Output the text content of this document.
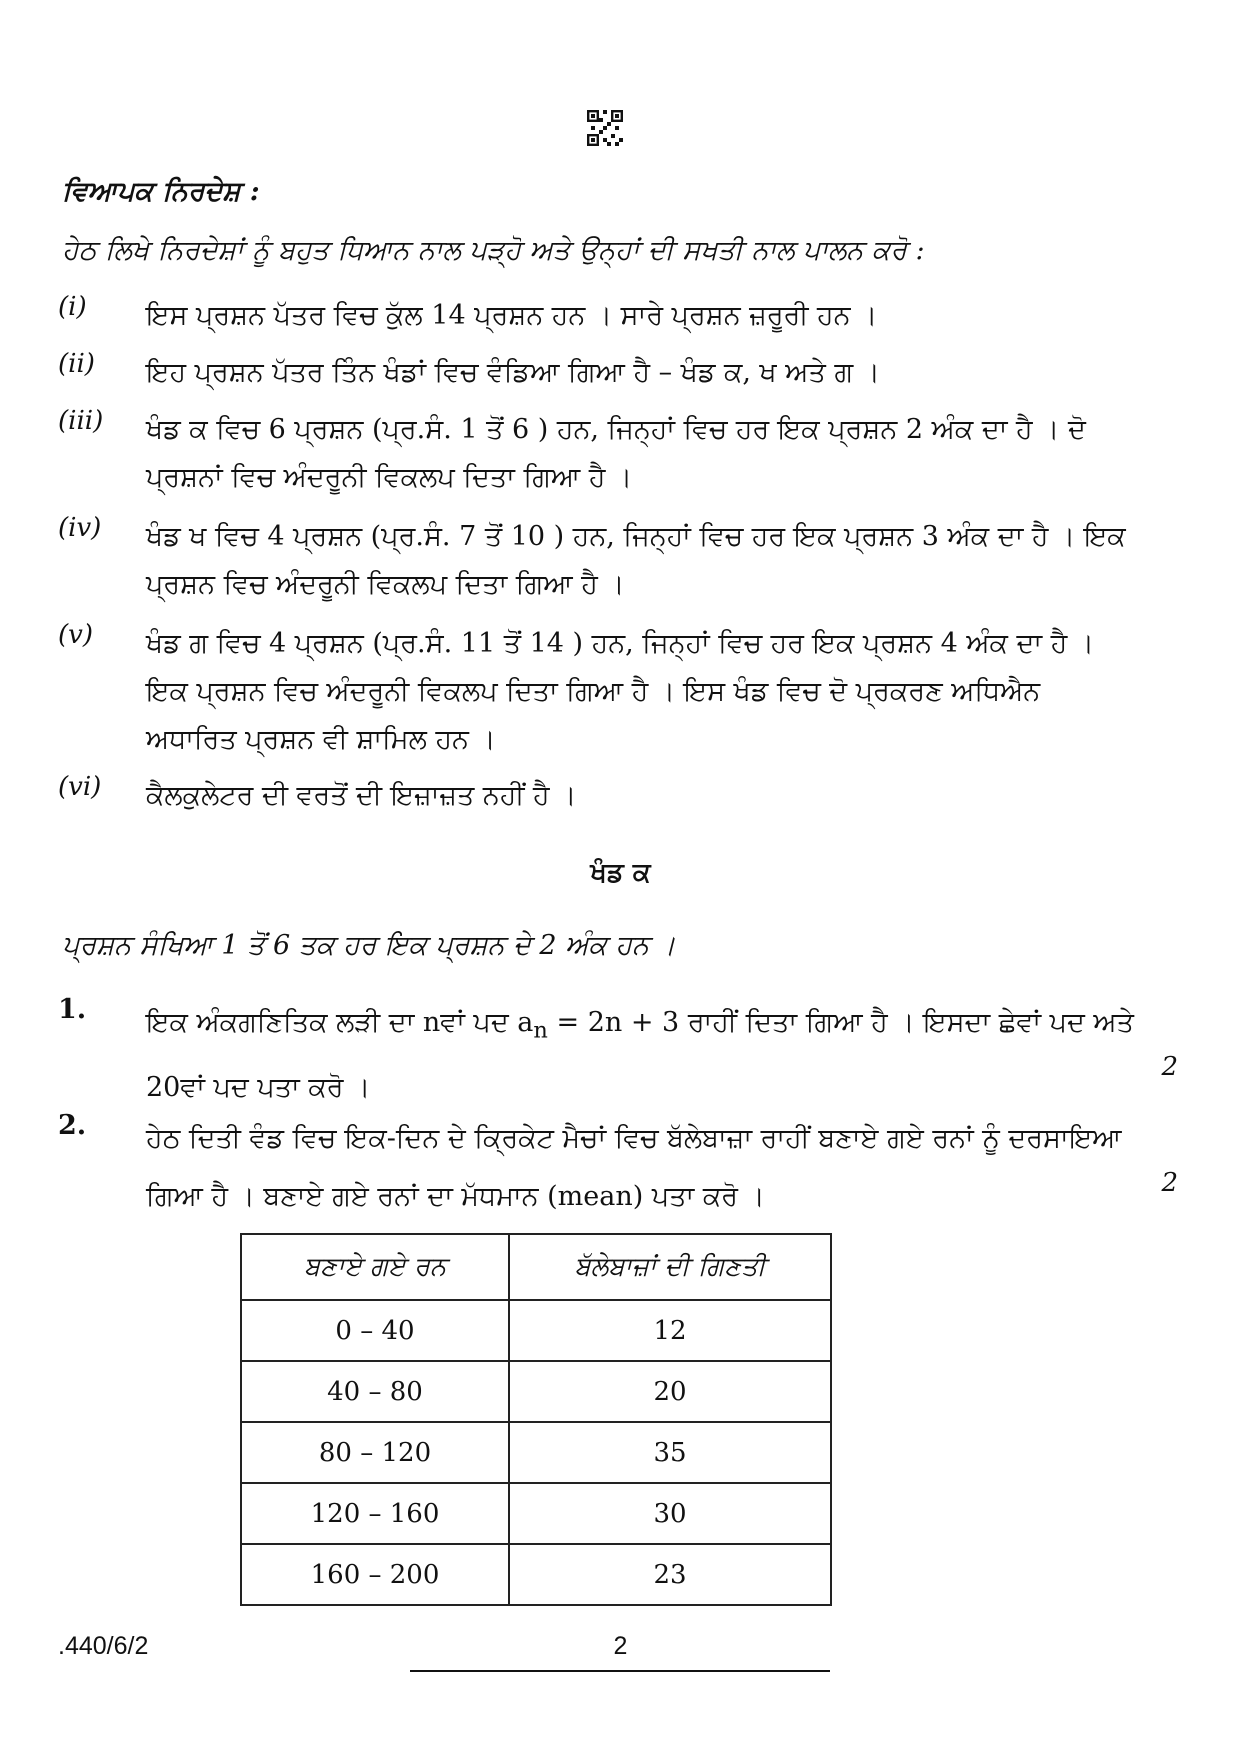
ਵਿਆਪਕ ਨਿਰਦੇਸ਼ :
ਹੇਠ ਲਿਖੇ ਨਿਰਦੇਸ਼ਾਂ ਨੂੰ ਬਹੁਤ ਧਿਆਨ ਨਾਲ ਪੜ੍ਹੋ ਅਤੇ ਉਨ੍ਹਾਂ ਦੀ ਸਖਤੀ ਨਾਲ ਪਾਲਨ ਕਰੋ :
(i) ਇਸ ਪ੍ਰਸ਼ਨ ਪੱਤਰ ਵਿਚ ਕੁੱਲ 14 ਪ੍ਰਸ਼ਨ ਹਨ । ਸਾਰੇ ਪ੍ਰਸ਼ਨ ਜ਼ਰੂਰੀ ਹਨ ।
(ii) ਇਹ ਪ੍ਰਸ਼ਨ ਪੱਤਰ ਤਿੰਨ ਖੰਡਾਂ ਵਿਚ ਵੰਡਿਆ ਗਿਆ ਹੈ – ਖੰਡ ਕ, ਖ ਅਤੇ ਗ ।
(iii) ਖੰਡ ਕ ਵਿਚ 6 ਪ੍ਰਸ਼ਨ (ਪ੍ਰ.ਸੰ. 1 ਤੋਂ 6 ) ਹਨ, ਜਿਨ੍ਹਾਂ ਵਿਚ ਹਰ ਇਕ ਪ੍ਰਸ਼ਨ 2 ਅੰਕ ਦਾ ਹੈ । ਦੋ ਪ੍ਰਸ਼ਨਾਂ ਵਿਚ ਅੰਦਰੂਨੀ ਵਿਕਲਪ ਦਿਤਾ ਗਿਆ ਹੈ ।
(iv) ਖੰਡ ਖ ਵਿਚ 4 ਪ੍ਰਸ਼ਨ (ਪ੍ਰ.ਸੰ. 7 ਤੋਂ 10 ) ਹਨ, ਜਿਨ੍ਹਾਂ ਵਿਚ ਹਰ ਇਕ ਪ੍ਰਸ਼ਨ 3 ਅੰਕ ਦਾ ਹੈ । ਇਕ ਪ੍ਰਸ਼ਨ ਵਿਚ ਅੰਦਰੂਨੀ ਵਿਕਲਪ ਦਿਤਾ ਗਿਆ ਹੈ ।
(v) ਖੰਡ ਗ ਵਿਚ 4 ਪ੍ਰਸ਼ਨ (ਪ੍ਰ.ਸੰ. 11 ਤੋਂ 14 ) ਹਨ, ਜਿਨ੍ਹਾਂ ਵਿਚ ਹਰ ਇਕ ਪ੍ਰਸ਼ਨ 4 ਅੰਕ ਦਾ ਹੈ । ਇਕ ਪ੍ਰਸ਼ਨ ਵਿਚ ਅੰਦਰੂਨੀ ਵਿਕਲਪ ਦਿਤਾ ਗਿਆ ਹੈ । ਇਸ ਖੰਡ ਵਿਚ ਦੋ ਪ੍ਰਕਰਣ ਅਧਿਐਨ ਅਧਾਰਿਤ ਪ੍ਰਸ਼ਨ ਵੀ ਸ਼ਾਮਿਲ ਹਨ ।
(vi) ਕੈਲਕੁਲੇਟਰ ਦੀ ਵਰਤੋਂ ਦੀ ਇਜ਼ਾਜ਼ਤ ਨਹੀਂ ਹੈ ।
ਖੰਡ ਕ
ਪ੍ਰਸ਼ਨ ਸੰਖਿਆ 1 ਤੋਂ 6 ਤਕ ਹਰ ਇਕ ਪ੍ਰਸ਼ਨ ਦੇ 2 ਅੰਕ ਹਨ ।
1. ਇਕ ਅੰਕਗਣਿਤਿਕ ਲੜੀ ਦਾ nਵਾਂ ਪਦ $a_n = 2n + 3$ ਰਾਹੀਂ ਦਿਤਾ ਗਿਆ ਹੈ । ਇਸਦਾ ਛੇਵਾਂ ਪਦ ਅਤੇ 20ਵਾਂ ਪਦ ਪਤਾ ਕਰੋ ।
2
2. ਹੇਠ ਦਿਤੀ ਵੰਡ ਵਿਚ ਇਕ-ਦਿਨ ਦੇ ਕ੍ਰਿਕੇਟ ਮੈਚਾਂ ਵਿਚ ਬੱਲੇਬਾਜ਼ਾ ਰਾਹੀਂ ਬਣਾਏ ਗਏ ਰਨਾਂ ਨੂੰ ਦਰਸਾਇਆ ਗਿਆ ਹੈ । ਬਣਾਏ ਗਏ ਰਨਾਂ ਦਾ ਮੱਧਮਾਨ (mean) ਪਤਾ ਕਰੋ ।	2
ਬਣਾਏ ਗਏ ਰਨ	ਬੱਲੇਬਾਜ਼ਾਂ ਦੀ ਗਿਣਤੀ
0 – 40	12
40 – 80	20
80 – 120	35
120 – 160	30
160 – 200	23
.440/6/2	2
